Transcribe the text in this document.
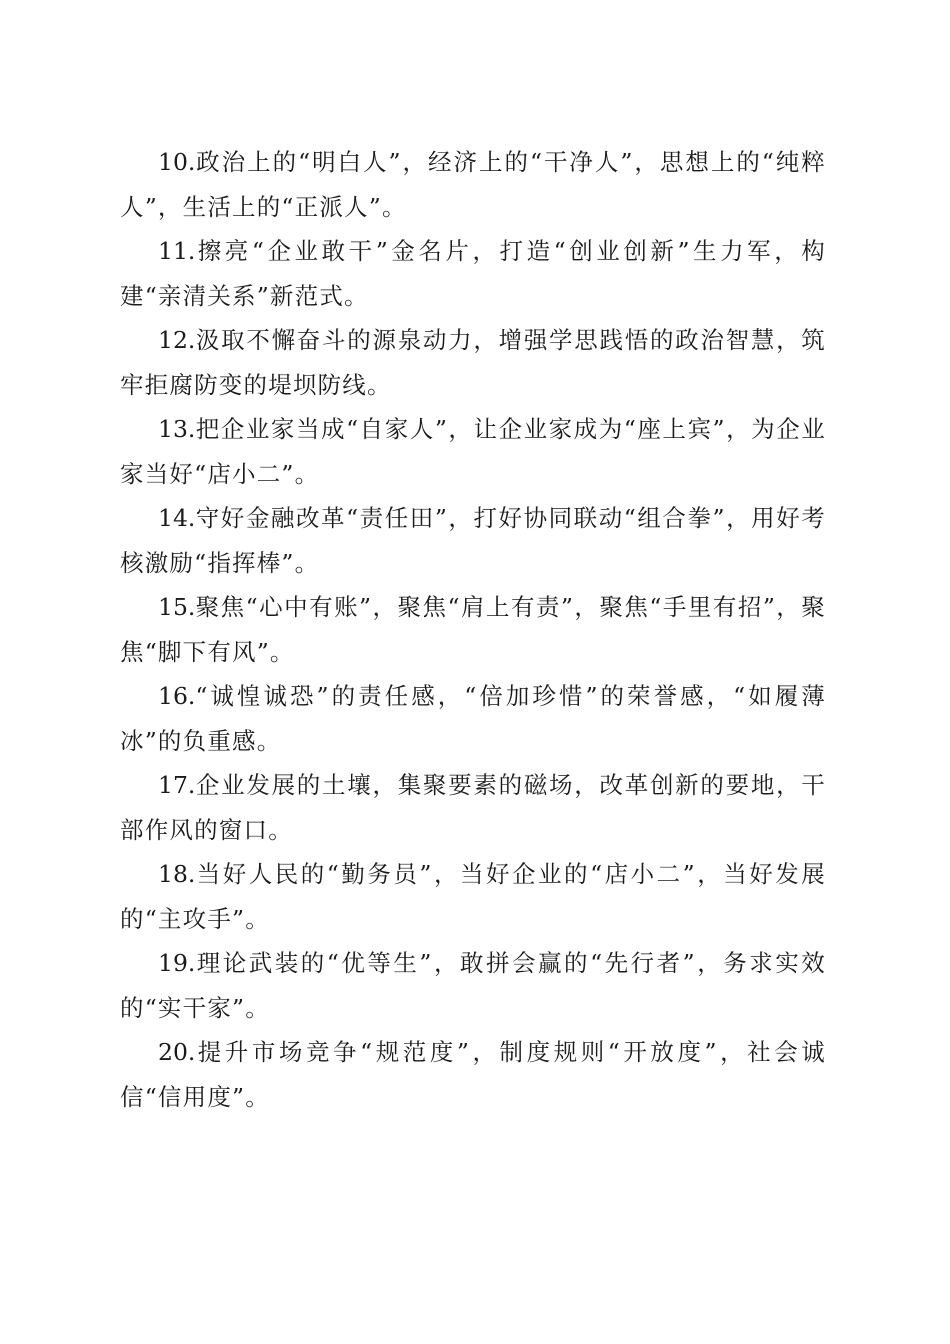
10.政治上的“明白人”，经济上的“干净人”，思想上的“纯粹人”，生活上的“正派人”。

11.擦亮“企业敢干”金名片，打造“创业创新”生力军，构建“亲清关系”新范式。

12.汲取不懈奋斗的源泉动力，增强学思践悟的政治智慧，筑牢拒腐防变的堤坝防线。

13.把企业家当成“自家人”，让企业家成为“座上宾”，为企业家当好“店小二”。

14.守好金融改革“责任田”，打好协同联动“组合拳”，用好考核激励“指挥棒”。

15.聚焦“心中有账”，聚焦“肩上有责”，聚焦“手里有招”，聚焦“脚下有风”。

16.“诚惶诚恐”的责任感，“倍加珍惜”的荣誉感，“如履薄冰”的负重感。

17.企业发展的土壤，集聚要素的磁场，改革创新的要地，干部作风的窗口。

18.当好人民的“勤务员”，当好企业的“店小二”，当好发展的“主攻手”。

19.理论武装的“优等生”，敢拼会赢的“先行者”，务求实效的“实干家”。

20.提升市场竞争“规范度”，制度规则“开放度”，社会诚信“信用度”。
